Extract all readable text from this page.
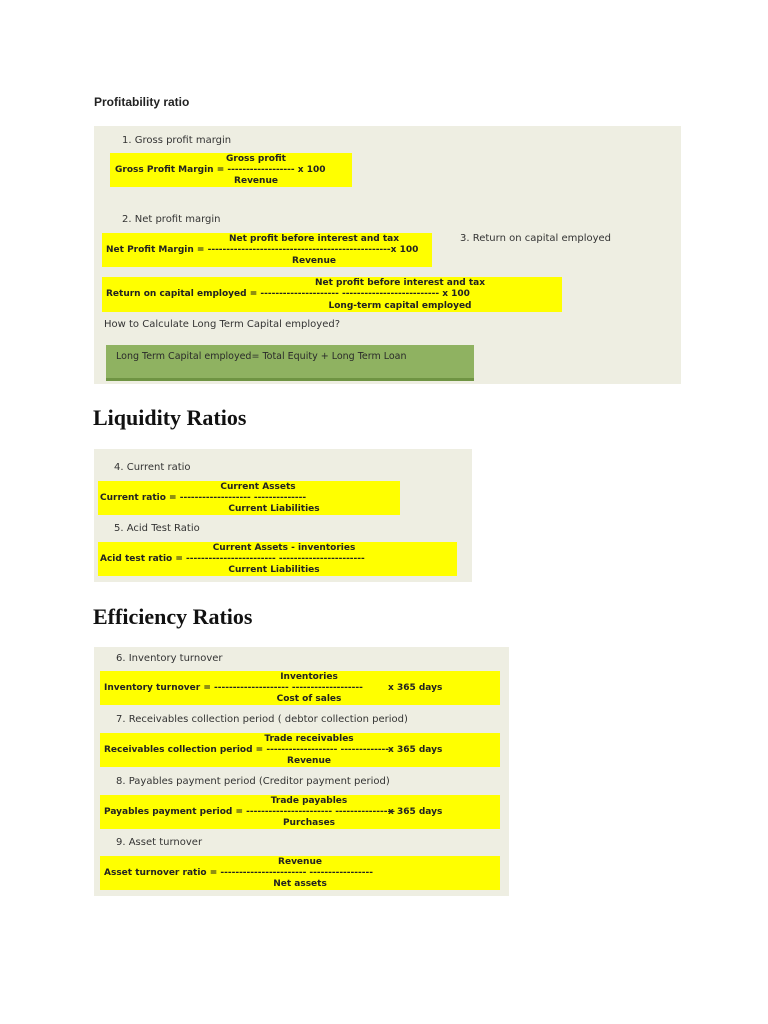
Profitability ratio
1. Gross profit margin
Gross profit
Gross Profit Margin = ------------------ x 100
Revenue
2. Net profit margin
3. Return on capital employed
Net profit before interest and tax
Net Profit Margin = -------------------------------------------------x 100
Revenue
Net profit before interest and tax
Return on capital employed = --------------------- -------------------------- x 100
Long-term capital employed
How to Calculate Long Term Capital employed?
Long Term Capital employed= Total Equity + Long Term Loan
Liquidity Ratios
4. Current ratio
Current Assets
Current ratio = ------------------- --------------
Current Liabilities
5. Acid Test Ratio
Current Assets - inventories
Acid test ratio = ------------------------ -----------------------
Current Liabilities
Efficiency Ratios
6. Inventory turnover
Inventories
Inventory turnover = -------------------- -------------------	x 365 days
Cost of sales
7. Receivables collection period ( debtor collection period)
Trade receivables
Receivables collection period = ------------------- --------------
x 365 days
Revenue
8. Payables payment period (Creditor payment period)
Trade payables
Payables payment period = ----------------------- ----------------
x 365 days
Purchases
9. Asset turnover
Revenue
Asset turnover ratio = ----------------------- -----------------
Net assets
